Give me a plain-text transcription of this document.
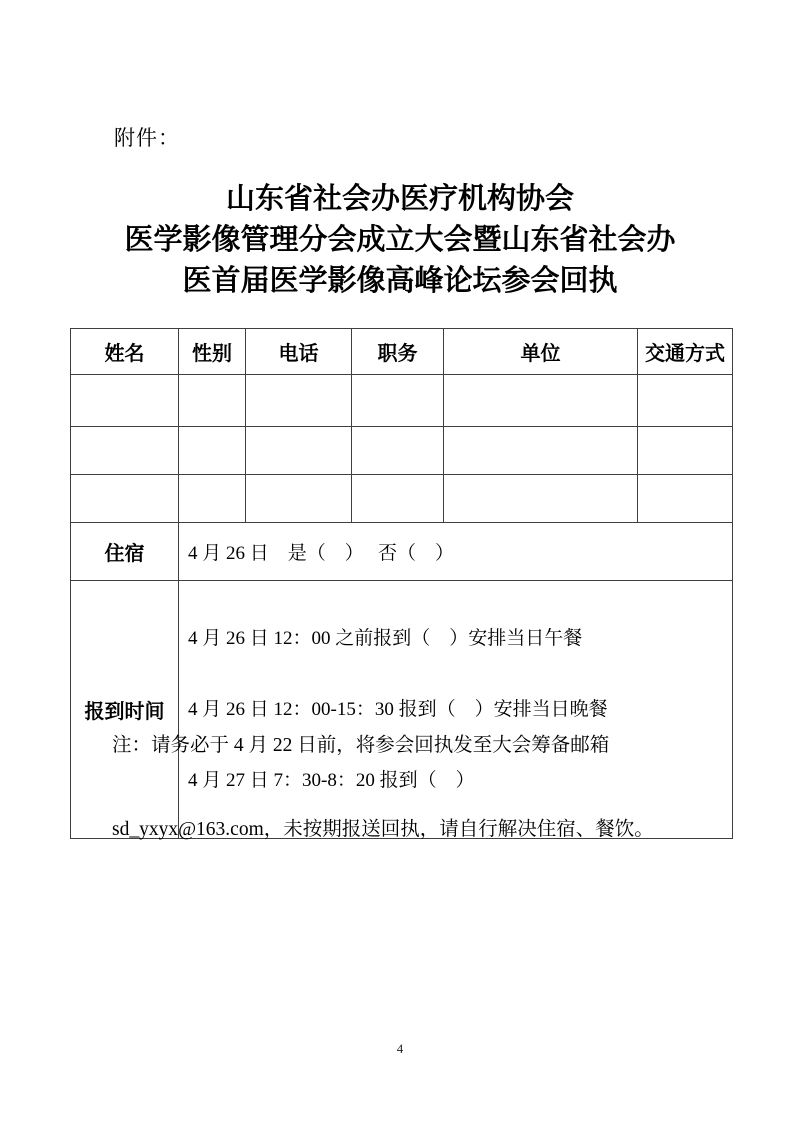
附件：
山东省社会办医疗机构协会
医学影像管理分会成立大会暨山东省社会办
医首届医学影像高峰论坛参会回执
姓名	性别	电话	职务	单位	交通方式

住宿	4 月 26 日　是（　）　 否（　）				
报到时间	4 月 26 日 12：00 之前报到（　）安排当日午餐

4 月 26 日 12：00-15：30 报到（　）安排当日晚餐

4 月 27 日 7：30-8：20 报到（　）				

注：请务必于 4 月 22 日前，将参会回执发至大会筹备邮箱

sd_yxyx@163.com，未按期报送回执，请自行解决住宿、餐饮。

4
